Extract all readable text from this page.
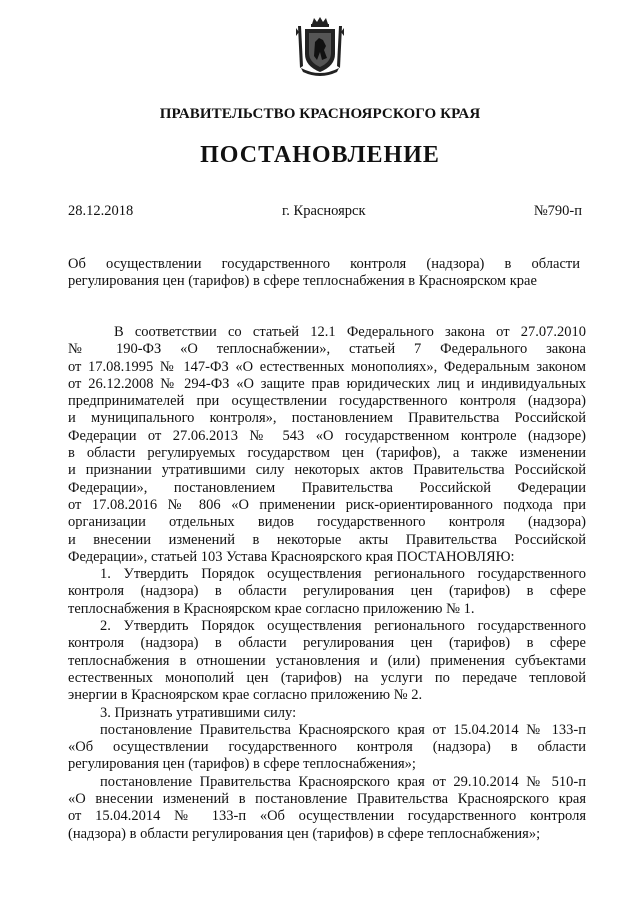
ПРАВИТЕЛЬСТВО КРАСНОЯРСКОГО КРАЯ
ПОСТАНОВЛЕНИЕ
28.12.2018	г. Красноярск	№790-п
Об осуществлении государственного контроля (надзора) в области
регулирования цен (тарифов) в сфере теплоснабжения в Красноярском крае

В соответствии со статьей 12.1 Федерального закона от 27.07.2010
№ 190-ФЗ «О теплоснабжении», статьей 7 Федерального закона
от 17.08.1995 № 147-ФЗ «О естественных монополиях», Федеральным законом
от 26.12.2008 № 294-ФЗ «О защите прав юридических лиц и индивидуальных
предпринимателей при осуществлении государственного контроля (надзора)
и муниципального контроля», постановлением Правительства Российской
Федерации от 27.06.2013 № 543 «О государственном контроле (надзоре)
в области регулируемых государством цен (тарифов), а также изменении
и признании утратившими силу некоторых актов Правительства Российской
Федерации», постановлением Правительства Российской Федерации
от 17.08.2016 № 806 «О применении риск-ориентированного подхода при
организации отдельных видов государственного контроля (надзора)
и внесении изменений в некоторые акты Правительства Российской
Федерации», статьей 103 Устава Красноярского края ПОСТАНОВЛЯЮ:

1. Утвердить Порядок осуществления регионального государственного
контроля (надзора) в области регулирования цен (тарифов) в сфере
теплоснабжения в Красноярском крае согласно приложению № 1.

2. Утвердить Порядок осуществления регионального государственного
контроля (надзора) в области регулирования цен (тарифов) в сфере
теплоснабжения в отношении установления и (или) применения субъектами
естественных монополий цен (тарифов) на услуги по передаче тепловой
энергии в Красноярском крае согласно приложению № 2.

3. Признать утратившими силу:

постановление Правительства Красноярского края от 15.04.2014 № 133-п
«Об осуществлении государственного контроля (надзора) в области
регулирования цен (тарифов) в сфере теплоснабжения»;

постановление Правительства Красноярского края от 29.10.2014 № 510-п
«О внесении изменений в постановление Правительства Красноярского края
от 15.04.2014 № 133-п «Об осуществлении государственного контроля
(надзора) в области регулирования цен (тарифов) в сфере теплоснабжения»;
